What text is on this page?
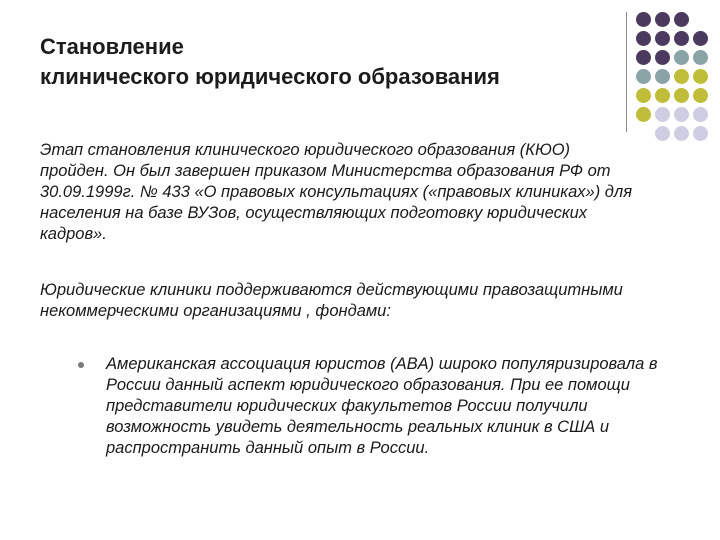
Становление
клинического юридического образования
Этап становления клинического юридического образования (КЮО) пройден. Он был завершен приказом Министерства образования РФ от 30.09.1999г. № 433 «О правовых консультациях («правовых клиниках») для населения на базе ВУЗов, осуществляющих подготовку юридических кадров».
Юридические клиники поддерживаются действующими правозащитными некоммерческими организациями , фондами:
Американская ассоциация юристов (ABA) широко популяризировала в России данный аспект юридического образования. При ее помощи представители юридических факультетов России получили возможность увидеть деятельность реальных клиник в США и распространить данный опыт в России.
